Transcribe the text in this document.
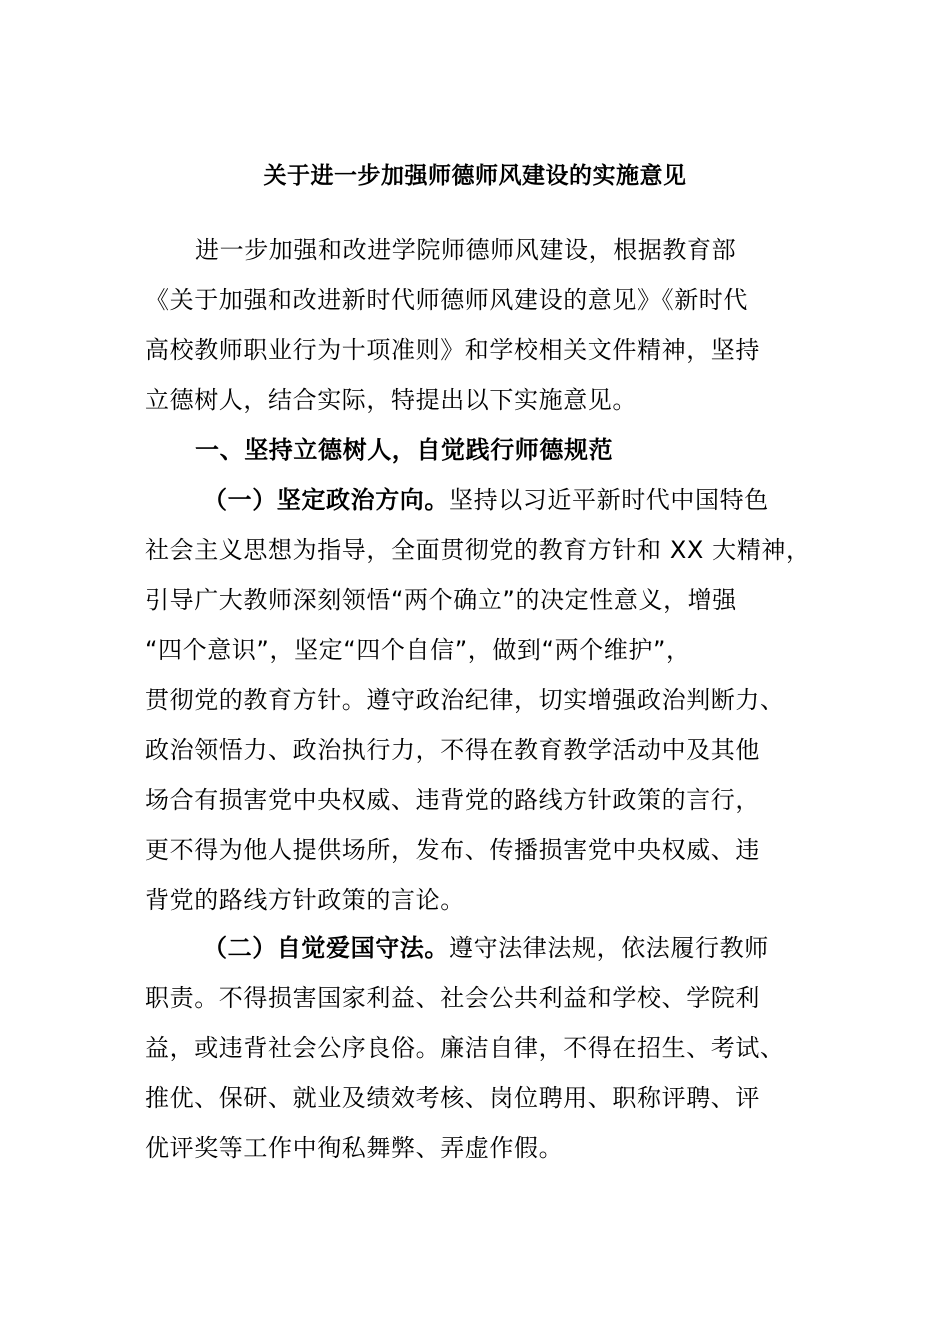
关于进一步加强师德师风建设的实施意见
进一步加强和改进学院师德师风建设，根据教育部
《关于加强和改进新时代师德师风建设的意见》《新时代
高校教师职业行为十项准则》和学校相关文件精神，坚持
立德树人，结合实际，特提出以下实施意见。
一、坚持立德树人，自觉践行师德规范
（一）坚定政治方向。坚持以习近平新时代中国特色
社会主义思想为指导，全面贯彻党的教育方针和 XX 大精神，
引导广大教师深刻领悟“两个确立”的决定性意义，增强
“四个意识”，坚定“四个自信”，做到“两个维护”，
贯彻党的教育方针。遵守政治纪律，切实增强政治判断力、
政治领悟力、政治执行力，不得在教育教学活动中及其他
场合有损害党中央权威、违背党的路线方针政策的言行，
更不得为他人提供场所，发布、传播损害党中央权威、违
背党的路线方针政策的言论。
（二）自觉爱国守法。遵守法律法规，依法履行教师
职责。不得损害国家利益、社会公共利益和学校、学院利
益，或违背社会公序良俗。廉洁自律，不得在招生、考试、
推优、保研、就业及绩效考核、岗位聘用、职称评聘、评
优评奖等工作中徇私舞弊、弄虚作假。
